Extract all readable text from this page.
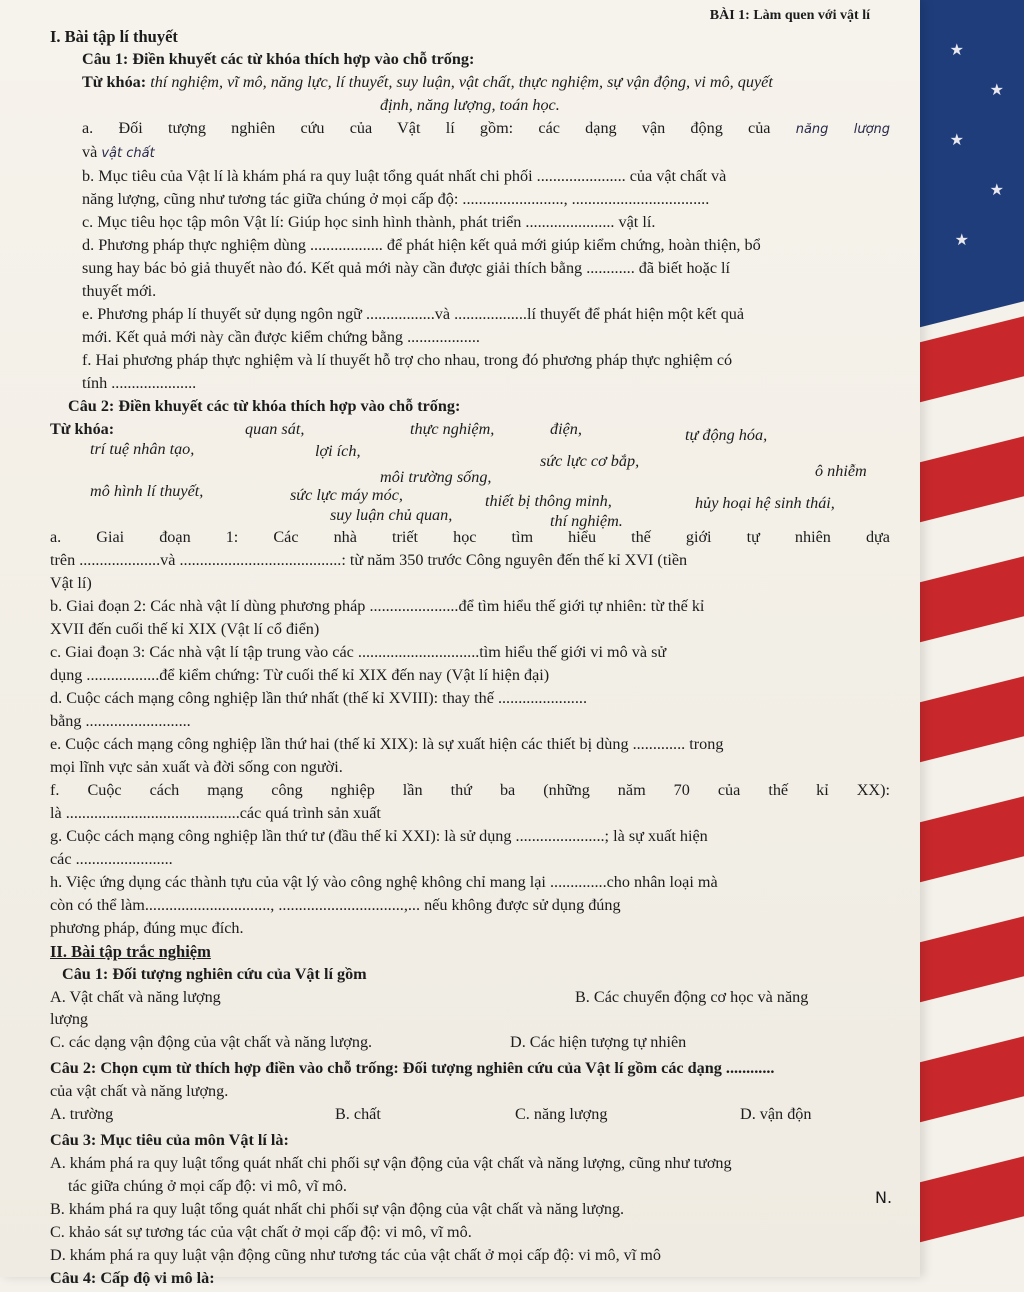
★
★
★
★
★
BÀI 1: Làm quen với vật lí
I. Bài tập lí thuyết

Câu 1: Điền khuyết các từ khóa thích hợp vào chỗ trống:

Từ khóa: thí nghiệm, vĩ mô, năng lực, lí thuyết, suy luận, vật chất, thực nghiệm, sự vận động, vi mô, quyết

định, năng lượng, toán học.

a. Đối tượng nghiên cứu của Vật lí gồm: các dạng vận động của năng lượng

và vật chất

b. Mục tiêu của Vật lí là khám phá ra quy luật tổng quát nhất chi phối ...................... của vật chất và

năng lượng, cũng như tương tác giữa chúng ở mọi cấp độ: ........................., ..................................

c. Mục tiêu học tập môn Vật lí: Giúp học sinh hình thành, phát triển ...................... vật lí.

d. Phương pháp thực nghiệm dùng .................. để phát hiện kết quả mới giúp kiểm chứng, hoàn thiện, bổ

sung hay bác bỏ giả thuyết nào đó. Kết quả mới này cần được giải thích bằng ............ đã biết hoặc lí

thuyết mới.

e. Phương pháp lí thuyết sử dụng ngôn ngữ .................và ..................lí thuyết để phát hiện một kết quả

mới. Kết quả mới này cần được kiểm chứng bằng ..................

f. Hai phương pháp thực nghiệm và lí thuyết hỗ trợ cho nhau, trong đó phương pháp thực nghiệm có

tính .....................

Câu 2: Điền khuyết các từ khóa thích hợp vào chỗ trống:

Từ khóa:	quan sát,	thực nghiệm,	điện,	tự động hóa,
trí tuệ nhân tạo,	lợi ích,
sức lực cơ bắp,
ô nhiễm
môi trường sống,
mô hình lí thuyết,	sức lực máy móc,	thiết bị thông minh,	hủy hoại hệ sinh thái,
suy luận chủ quan,	thí nghiệm.

a. Giai đoạn 1: Các nhà triết học tìm hiểu thế giới tự nhiên dựa

trên ....................và ........................................: từ năm 350 trước Công nguyên đến thế kỉ XVI (tiền

Vật lí)

b. Giai đoạn 2: Các nhà vật lí dùng phương pháp ......................để tìm hiểu thế giới tự nhiên: từ thế kỉ

XVII đến cuối thế kỉ XIX (Vật lí cổ điển)

c. Giai đoạn 3: Các nhà vật lí tập trung vào các ..............................tìm hiểu thế giới vi mô và sử

dụng ..................để kiểm chứng: Từ cuối thế kỉ XIX đến nay (Vật lí hiện đại)

d. Cuộc cách mạng công nghiệp lần thứ nhất (thế kỉ XVIII): thay thế ......................

bằng ..........................

e. Cuộc cách mạng công nghiệp lần thứ hai (thế kỉ XIX): là sự xuất hiện các thiết bị dùng ............. trong

mọi lĩnh vực sản xuất và đời sống con người.

f. Cuộc cách mạng công nghiệp lần thứ ba (những năm 70 của thế kỉ XX):

là ...........................................các quá trình sản xuất

g. Cuộc cách mạng công nghiệp lần thứ tư (đầu thế kỉ XXI): là sử dụng ......................; là sự xuất hiện

các ........................

h. Việc ứng dụng các thành tựu của vật lý vào công nghệ không chỉ mang lại ..............cho nhân loại mà

còn có thể làm..............................., ...............................,... nếu không được sử dụng đúng

phương pháp, đúng mục đích.

II. Bài tập trắc nghiệm

Câu 1: Đối tượng nghiên cứu của Vật lí gồm

A. Vật chất và năng lượng	B. Các chuyển động cơ học và năng

lượng

C. các dạng vận động của vật chất và năng lượng.	D. Các hiện tượng tự nhiên

Câu 2: Chọn cụm từ thích hợp điền vào chỗ trống: Đối tượng nghiên cứu của Vật lí gồm các dạng ............

của vật chất và năng lượng.

A. trường	B. chất	C. năng lượng	D. vận độn

Câu 3: Mục tiêu của môn Vật lí là:

A. khám phá ra quy luật tổng quát nhất chi phối sự vận động của vật chất và năng lượng, cũng như tương

tác giữa chúng ở mọi cấp độ: vi mô, vĩ mô.

B. khám phá ra quy luật tổng quát nhất chi phối sự vận động của vật chất và năng lượng.

C. khảo sát sự tương tác của vật chất ở mọi cấp độ: vi mô, vĩ mô.

D. khám phá ra quy luật vận động cũng như tương tác của vật chất ở mọi cấp độ: vi mô, vĩ mô

Câu 4: Cấp độ vi mô là:

N.
